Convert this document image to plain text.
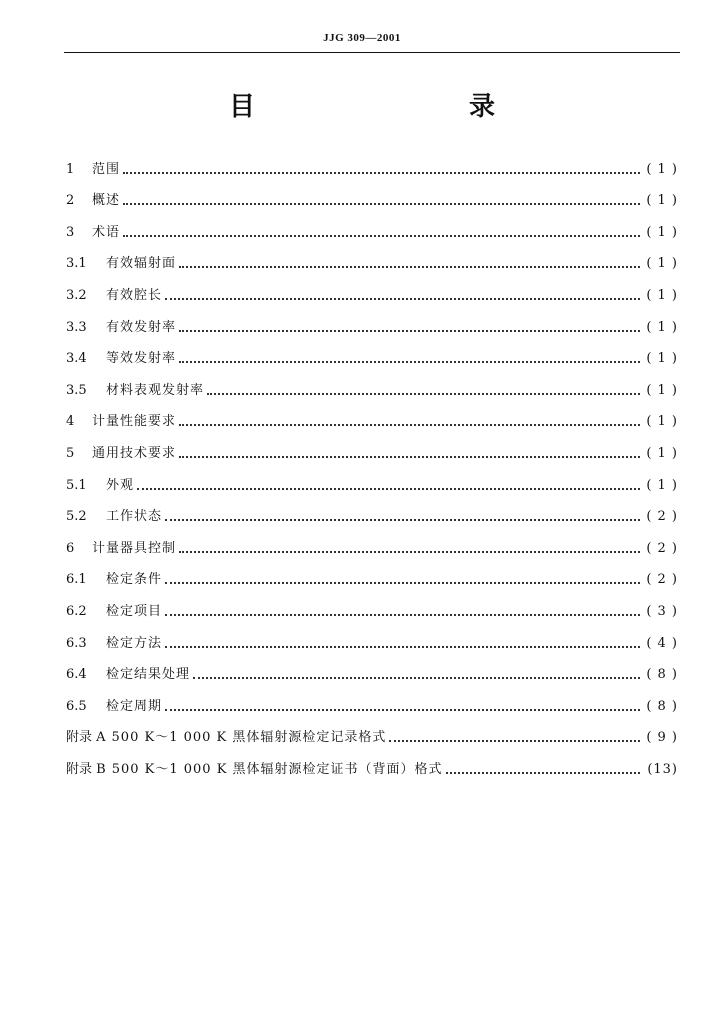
JJG 309—2001
目　　录
1	范围	( 1 )
2	概述	( 1 )
3	术语	( 1 )
3.1	有效辐射面	( 1 )
3.2	有效腔长	( 1 )
3.3	有效发射率	( 1 )
3.4	等效发射率	( 1 )
3.5	材料表观发射率	( 1 )
4	计量性能要求	( 1 )
5	通用技术要求	( 1 )
5.1	外观	( 1 )
5.2	工作状态	( 2 )
6	计量器具控制	( 2 )
6.1	检定条件	( 2 )
6.2	检定项目	( 3 )
6.3	检定方法	( 4 )
6.4	检定结果处理	( 8 )
6.5	检定周期	( 8 )
附录 A 500 K～1 000 K 黑体辐射源检定记录格式	( 9 )
附录 B 500 K～1 000 K 黑体辐射源检定证书（背面）格式	(13)
